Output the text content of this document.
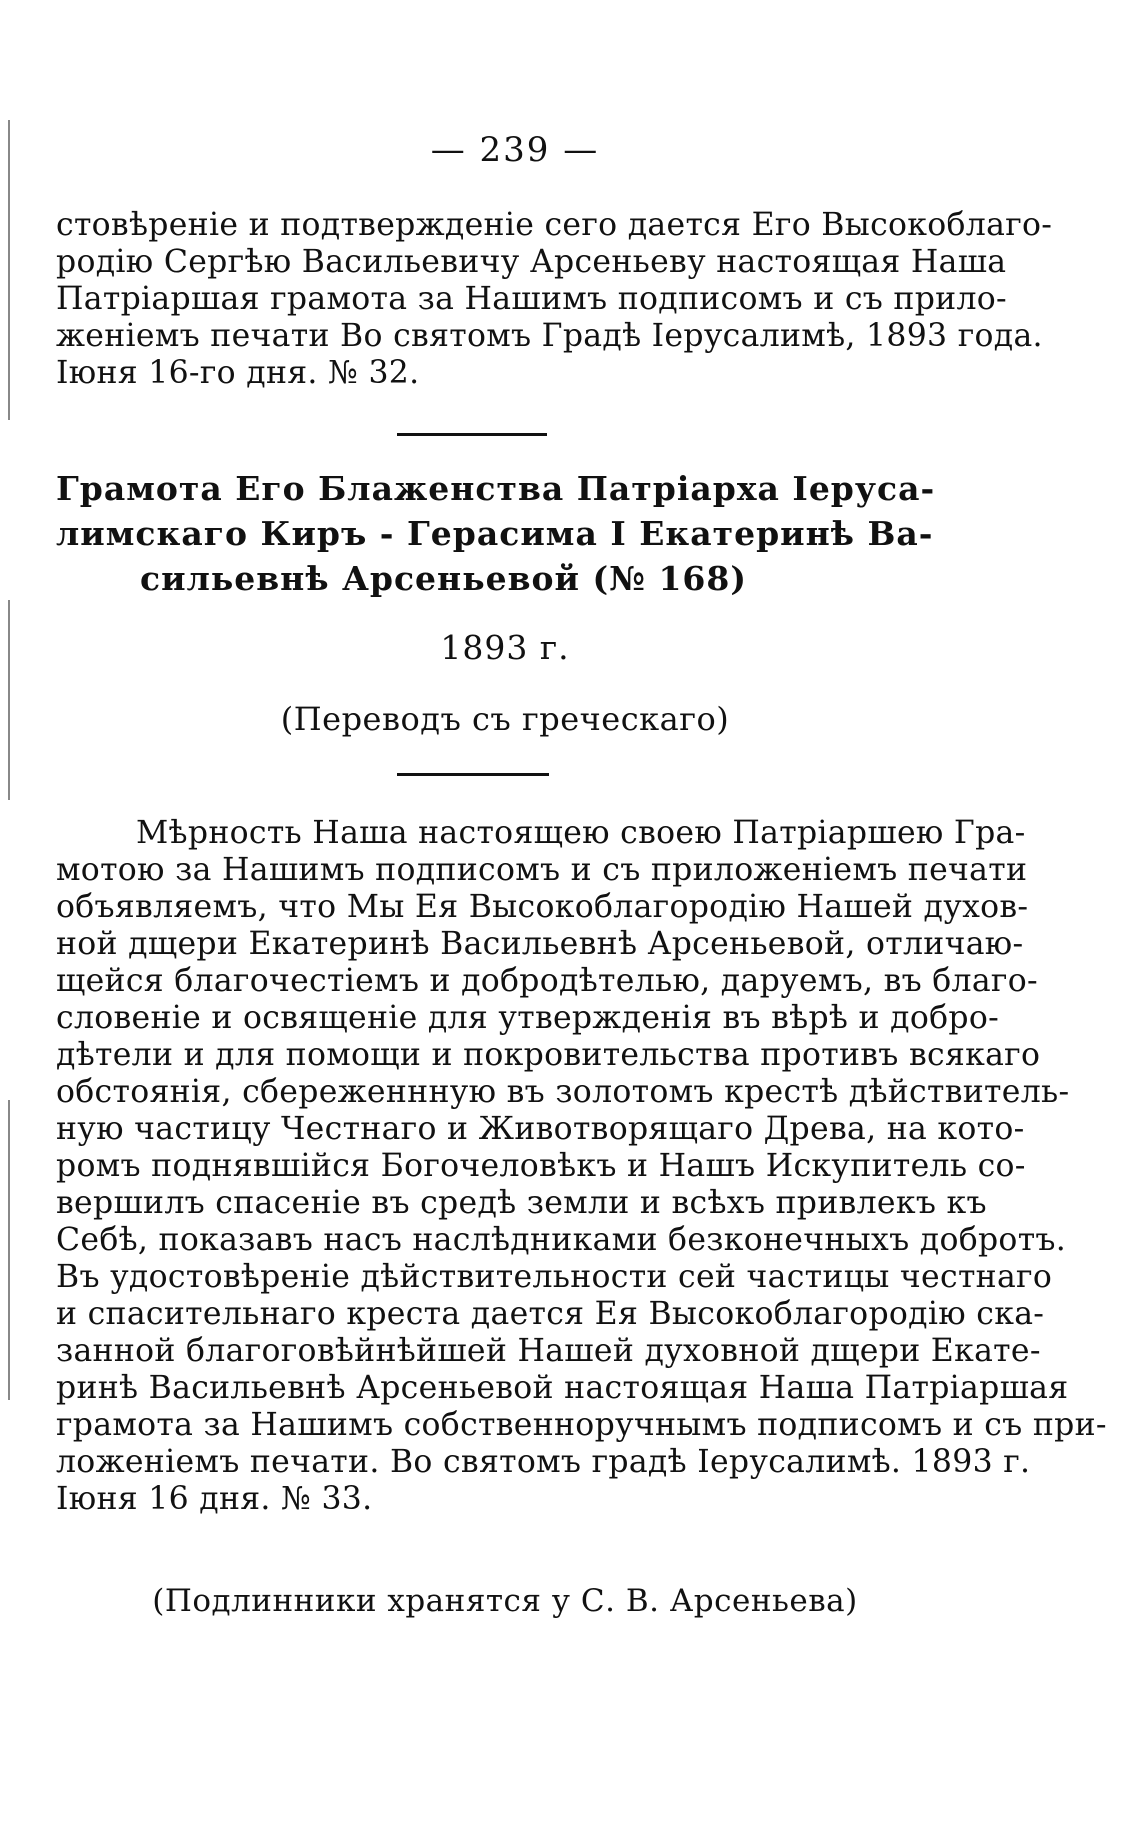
— 239 —
стовѣреніе и подтвержденіе сего дается Его Высокоблаго-
родію Сергѣю Васильевичу Арсеньеву настоящая Наша
Патріаршая грамота за Нашимъ подписомъ и съ прило-
женіемъ печати Во святомъ Градѣ Іерусалимѣ, 1893 года.
Іюня 16-го дня. № 32.
Грамота Его Блаженства Патріарха Іеруса-
лимскаго Киръ - Герасима І Екатеринѣ Ва-
сильевнѣ Арсеньевой (№ 168)
1893 г.
(Переводъ съ греческаго)
Мѣрность Наша настоящею своею Патріаршею Гра-
мотою за Нашимъ подписомъ и съ приложеніемъ печати
объявляемъ, что Мы Ея Высокоблагородію Нашей духов-
ной дщери Екатеринѣ Васильевнѣ Арсеньевой, отличаю-
щейся благочестіемъ и добродѣтелью, даруемъ, въ благо-
словеніе и освященіе для утвержденія въ вѣрѣ и добро-
дѣтели и для помощи и покровительства противъ всякаго
обстоянія, сбереженнную въ золотомъ крестѣ дѣйствитель-
ную частицу Честнаго и Животворящаго Древа, на кото-
ромъ поднявшійся Богочеловѣкъ и Нашъ Искупитель со-
вершилъ спасеніе въ средѣ земли и всѣхъ привлекъ къ
Себѣ, показавъ насъ наслѣдниками безконечныхъ добротъ.
Въ удостовѣреніе дѣйствительности сей частицы честнаго
и спасительнаго креста дается Ея Высокоблагородію ска-
занной благоговѣйнѣйшей Нашей духовной дщери Екате-
ринѣ Васильевнѣ Арсеньевой настоящая Наша Патріаршая
грамота за Нашимъ собственноручнымъ подписомъ и съ при-
ложеніемъ печати. Во святомъ градѣ Іерусалимѣ. 1893 г.
Іюня 16 дня. № 33.
(Подлинники хранятся у С. В. Арсеньева)
